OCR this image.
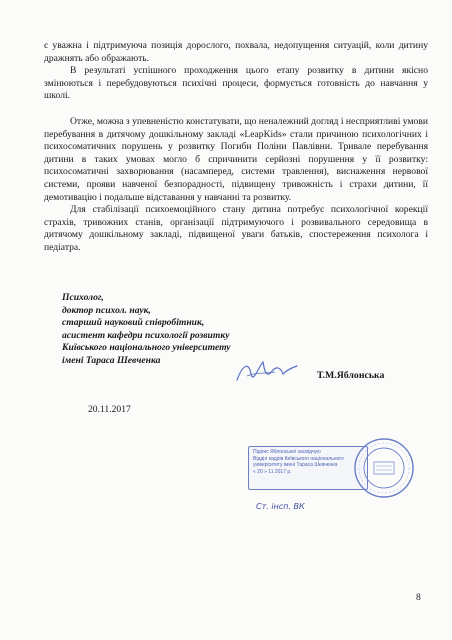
є уважна і підтримуюча позиція дорослого, похвала, недопущення ситуацій, коли дитину дражнять або ображають.

В результаті успішного проходження цього етапу розвитку в дитини якісно змінюються і перебудовуються психічні процеси, формується готовність до навчання у школі.

Отже, можна з упевненістю констатувати, що неналежний догляд і несприятливі умови перебування в дитячому дошкільному закладі «LeapKids» стали причиною психологічних і психосоматичних порушень у розвитку Погиби Поліни Павлівни. Тривале перебування дитини в таких умовах могло б спричинити серйозні порушення у її розвитку: психосоматичні захворювання (насамперед, системи травлення), виснаження нервової системи, прояви навченої безпорадності, підвищену тривожність і страхи дитини, її демотивацію і подальше відставання у навчанні та розвитку.

Для стабілізації психоемоційного стану дитина потребує психологічної корекції страхів, тривожних станів, організації підтримуючого і розвивального середовища в дитячому дошкільному закладі, підвищеної уваги батьків, спостереження психолога і педіатра.

Психолог,
доктор психол. наук,
старший науковий співробітник,
асистент кафедри психології розвитку
Київського національного університету
імені Тараса Шевченка
Т.М.Яблонська
20.11.2017
Підпис Яблонської засвідчую
Відділ кадрів Київського національного
університету імені Тараса Шевченка
« 20 » 11 2017 р.
Ст. інсп. ВК
8
